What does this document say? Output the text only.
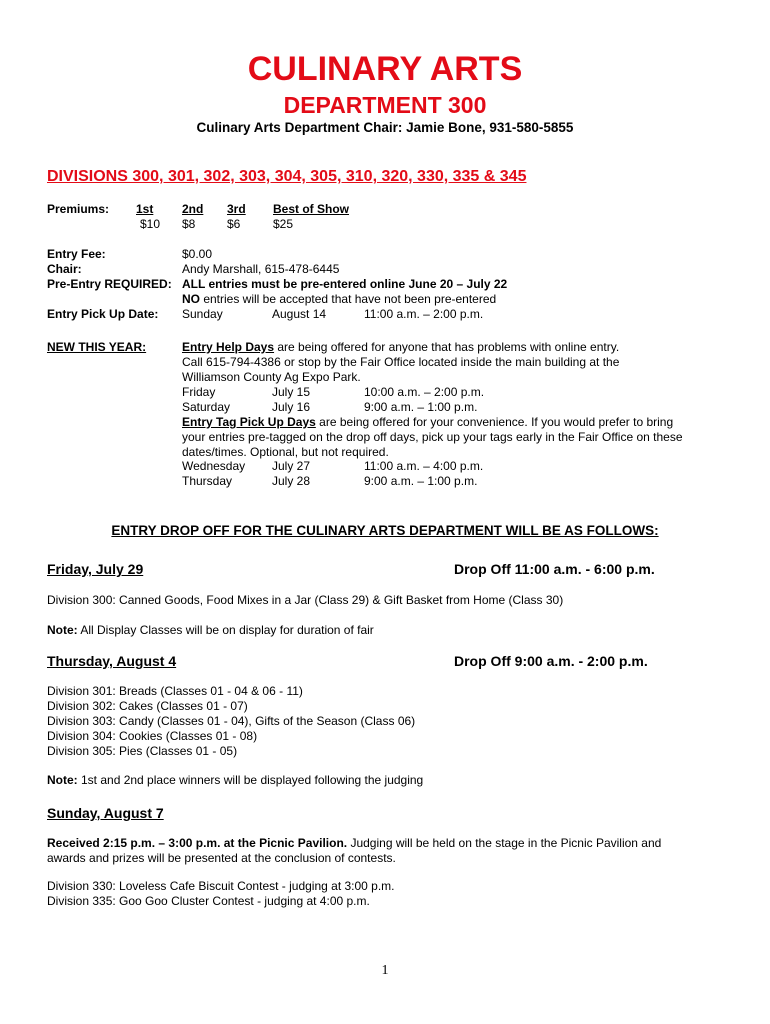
CULINARY ARTS
DEPARTMENT 300
Culinary Arts Department Chair: Jamie Bone, 931-580-5855
DIVISIONS 300, 301, 302, 303, 304, 305, 310, 320, 330, 335 & 345
Premiums: 1st 2nd 3rd Best of Show
$10 $8	$6	$25
Entry Fee:	$0.00
Chair:	Andy Marshall, 615-478-6445
Pre-Entry REQUIRED: ALL entries must be pre-entered online June 20 – July 22
NO entries will be accepted that have not been pre-entered
Entry Pick Up Date: Sunday	August 14	11:00 a.m. – 2:00 p.m.
NEW THIS YEAR:	Entry Help Days are being offered for anyone that has problems with online entry.
Call 615-794-4386 or stop by the Fair Office located inside the main building at the
Williamson County Ag Expo Park.
Friday	July 15	10:00 a.m. – 2:00 p.m.
Saturday	July 16	9:00 a.m. – 1:00 p.m.
Entry Tag Pick Up Days are being offered for your convenience. If you would prefer to bring
your entries pre-tagged on the drop off days, pick up your tags early in the Fair Office on these
dates/times. Optional, but not required.
Wednesday July 27	11:00 a.m. – 4:00 p.m.
Thursday	July 28	9:00 a.m. – 1:00 p.m.
ENTRY DROP OFF FOR THE CULINARY ARTS DEPARTMENT WILL BE AS FOLLOWS:
Friday, July 29	Drop Off 11:00 a.m. - 6:00 p.m.
Division 300: Canned Goods, Food Mixes in a Jar (Class 29) & Gift Basket from Home (Class 30)
Note: All Display Classes will be on display for duration of fair
Thursday, August 4	Drop Off 9:00 a.m. - 2:00 p.m.
Division 301: Breads (Classes 01 - 04 & 06 - 11)
Division 302: Cakes (Classes 01 - 07)
Division 303: Candy (Classes 01 - 04), Gifts of the Season (Class 06)
Division 304: Cookies (Classes 01 - 08)
Division 305: Pies (Classes 01 - 05)
Note: 1st and 2nd place winners will be displayed following the judging
Sunday, August 7
Received 2:15 p.m. – 3:00 p.m. at the Picnic Pavilion. Judging will be held on the stage in the Picnic Pavilion and
awards and prizes will be presented at the conclusion of contests.
Division 330: Loveless Cafe Biscuit Contest - judging at 3:00 p.m.
Division 335: Goo Goo Cluster Contest - judging at 4:00 p.m.
1
